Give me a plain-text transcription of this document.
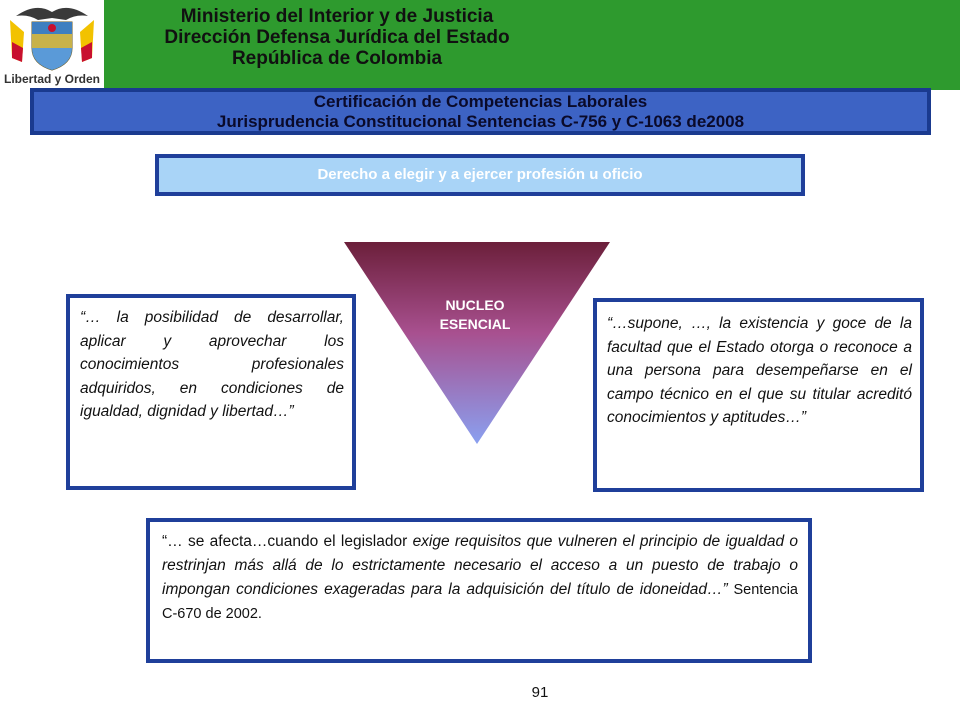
Libertad y Orden
Ministerio del Interior y de Justicia
Dirección Defensa Jurídica del Estado
República de Colombia
Certificación de Competencias Laborales
Jurisprudencia Constitucional Sentencias C-756 y C-1063 de2008
Derecho a elegir y a ejercer profesión u oficio
NUCLEO
ESENCIAL
“… la posibilidad de desarrollar, aplicar y aprovechar los conocimientos profesionales adquiridos, en condiciones de igualdad, dignidad y libertad…”
“…supone, …, la existencia y goce de la facultad que el Estado otorga o reconoce a una persona para desempeñarse en el campo técnico en el que su titular acreditó conocimientos y aptitudes…”
“… se afecta…cuando el legislador exige requisitos que vulneren el principio de igualdad o restrinjan más allá de lo estrictamente necesario el acceso a un puesto de trabajo o impongan condiciones exageradas para la adquisición del título de idoneidad…” Sentencia C-670 de 2002.
91
